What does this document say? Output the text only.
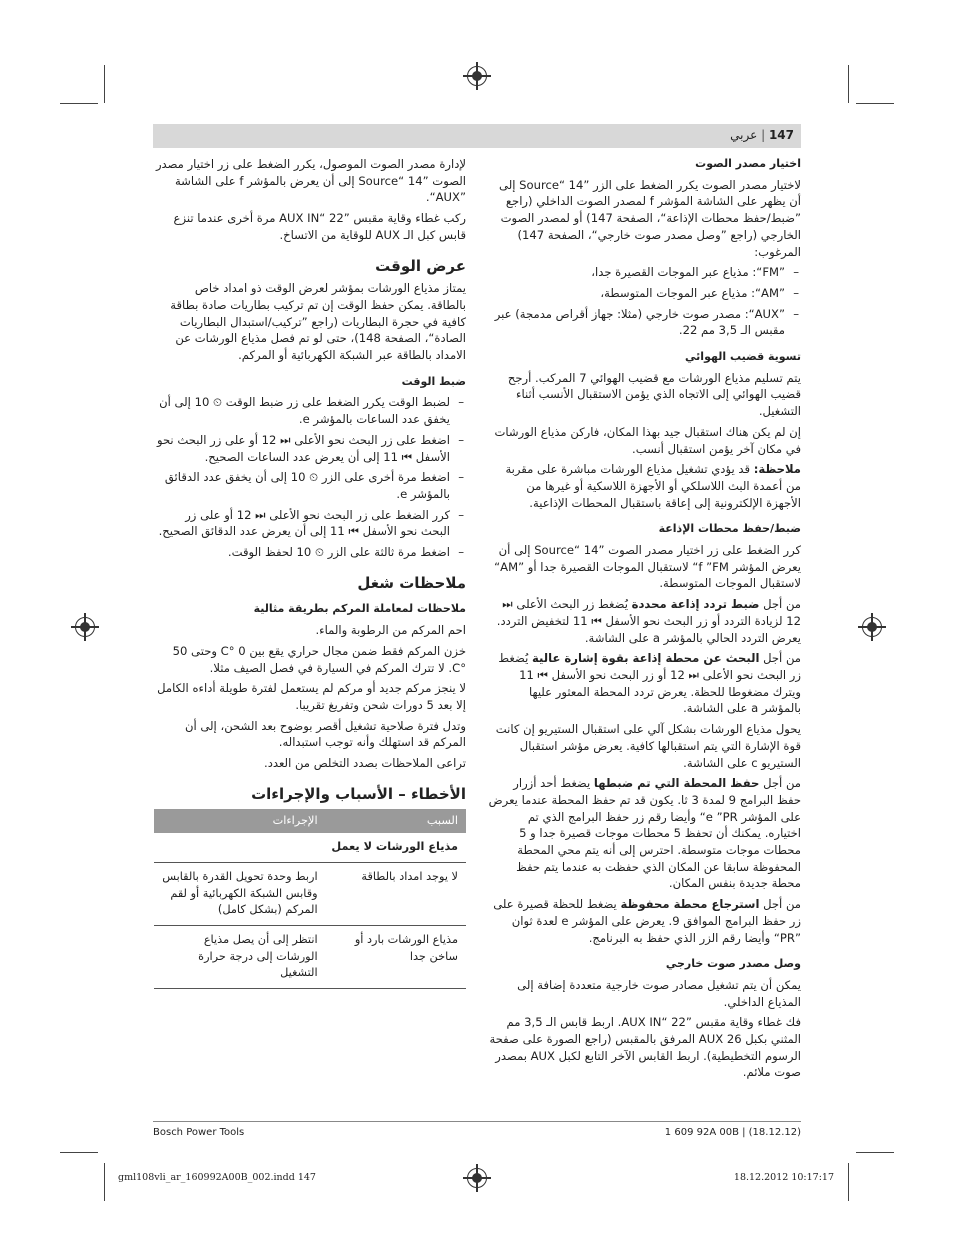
147 | عربي

اختيار مصدر الصوت

لاختيار مصدر الصوت يكرر الضغط على الزر ”Source“ 14 إلى أن يظهر على الشاشة المؤشر f لمصدر الصوت الداخلي (راجع ”ضبط/حفظ محطات الإذاعة“، الصفحة 147) أو لمصدر الصوت الخارجي (راجع ”وصل مصدر صوت خارجي“، الصفحة 147) المرغوب:

– ”FM“: مذياع عبر الموجات القصيرة جدا،
– ”AM“: مذياع عبر الموجات المتوسطة،
– ”AUX“: مصدر صوت خارجي (مثلا: جهاز أقراص مدمجة) عبر مقبس الـ 3,5 مم 22.

تسوية قضيب الهوائي

يتم تسليم مذياع الورشات مع قضيب الهوائي 7 المركب. أرجح قضيب الهوائي إلى الاتجاه الذي يؤمن الاستقبال الأنسب أثناء التشغيل.

إن لم يكن هناك استقبال جيد بهذا المكان، فاركن مذياع الورشات في مكان آخر يؤمن استقبال أنسب.

ملاحظة: قد يؤدي تشغيل مذياع الورشات مباشرة على مقربة من أعمدة البث اللاسلكي أو الأجهزة اللاسكية أو غيرها من الأجهزة الإلكترونية إلى إعاقة باستقبال المحطات الإذاعية.

ضبط/حفظ محطات الإذاعة

كرر الضغط على زر اختيار مصدر الصوت ”Source“ 14 إلى أن يعرض المؤشر f ”FM“ لاستقبال الموجات القصيرة جدا أو ”AM“ لاستقبال الموجات المتوسطة.

من أجل ضبط تردد إذاعة محددة يُضغط زر البحث الأعلى ⏭ 12 لزيادة التردد أو زر البحث نحو الأسفل ⏮ 11 لتخفيض التردد. يعرض التردد الحالي بالمؤشر a على الشاشة.

من أجل البحث عن محطة إذاعة بقوة إشارة عالية يُضغط زر البحث نحو الأعلى ⏭ 12 أو زر البحث نحو الأسفل ⏮ 11 ويترك مضغوطا للحظة. يعرض تردد المحطة المعثور عليها بالمؤشر a على الشاشة.

يحول مذياع الورشات بشكل آلي على استقبال الستيريو إن كانت قوة الإشارة التي يتم استقبالها كافية. يعرض مؤشر استقبال الستيريو c على الشاشة.

من أجل حفظ المحطة التي تم ضبطها يضغط أحد أزرار حفظ البرامج 9 لمدة 3 ثا. يكون قد تم حفظ المحطة عندما يعرض على المؤشر e ”PR“ وأيضا رقم زر حفظ البرامج الذي تم اختياره. يمكنك أن تحفظ 5 محطات موجات قصيرة جدا و 5 محطات موجات متوسطة. احترس إلى أنه يتم محي المحطة المحفوظة سابقا عن المكان الذي حفظت به عندما يتم حفظ محطة جديدة بنفس المكان.

من أجل استرجاع محطة محفوظة يضغط للحظة قصيرة على زر حفظ البرامج الموافق 9. يعرض على المؤشر e لعدة ثوان ”PR“ وأيضا رقم الزر الذي حفظ به البرنامج.

وصل مصدر صوت خارجي

يمكن أن يتم تشغيل مصادر صوت خارجية متعددة إضافة إلى المذياع الداخلي.

فك غطاء وقاية مقبس ”AUX IN“ 22. اربط قابس الـ 3,5 مم المثني بكبل AUX 26 المرفق بالمقبس (راجع الصورة على صفحة الرسوم التخطيطية). اربط القابس الآخر التابع لكبل AUX بمصدر صوت ملائم.

لإدارة مصدر الصوت الموصول، يكرر الضغط على زر اختيار مصدر الصوت ”Source“ 14 إلى أن يعرض بالمؤشر f على الشاشة ”AUX“.

ركب غطاء وقاية مقبس ”AUX IN“ 22 مرة أخرى عندما تنزع قابس كبل الـ AUX للوقاية من الاتساخ.

عرض الوقت

يمتاز مذياع الورشات بمؤشر لعرض الوقت ذو امداد خاص بالطاقة. يمكن حفظ الوقت إن تم تركيب بطاريات صادة بطاقة كافية في حجرة البطاريات (راجع ”تركيب/استبدال البطاريات الصادة“، الصفحة 148)، حتى لو تم فصل مذياع الورشات عن الامداد بالطاقة عبر الشبكة الكهربائية أو المركم.

ضبط الوقت

– لضبط الوقت يكرر الضغط على زر ضبط الوقت ⏲ 10 إلى أن يخفق عدد الساعات بالمؤشر e.
– اضغط على زر البحث نحو الأعلى ⏭ 12 أو على زر البحث نحو الأسفل ⏮ 11 إلى أن يعرض عدد الساعات الصحيح.
– اضغط مرة أخرى على الزر ⏲ 10 إلى أن يخفق عدد الدقائق بالمؤشر e.
– كرر الضغط على زر البحث نحو الأعلى ⏭ 12 أو على زر البحث نحو الأسفل ⏮ 11 إلى أن يعرض عدد الدقائق الصحيح.
– اضغط مرة ثالثة على الزر ⏲ 10 لحفظ الوقت.

ملاحظات شغل

ملاحظات لمعاملة المركم بطريقة مثالية

احم المركم من الرطوبة والماء.

خزن المركم فقط ضمن مجال حراري يقع بين 0 °C وحتى 50 °C. لا تترك المركم في السيارة في فصل الصيف مثلا.

لا ينجز مركم جديد أو مركم لم يستعمل لفترة طويلة أداءه الكامل إلا بعد 5 دورات شحن وتفريغ تقريبا.

وتدل فترة صلاحية تشغيل أقصر بوضوح بعد الشحن، إلى أن المركم قد استهلك وأنه توجب استبداله.

تراعى الملاحظات بصدد التخلص من العدد.

الأخطاء – الأسباب والإجراءات

السبب	الإجراءات
مذياع الورشات لا يعمل	
لا يوجد امداد بالطاقة	اربط وحدة تحويل القدرة بالقابس وقابس الشبكة الكهربائية أو لقم المركم (بشكل كامل)
مذياع الورشات بارد أو ساخن جدا	انتظر إلى أن يصل مذياع الورشات إلى درجة حرارة التشغيل
Bosch Power Tools	1 609 92A 00B | (18.12.12)
gml108vli_ar_160992A00B_002.indd 147	18.12.2012 10:17:17
